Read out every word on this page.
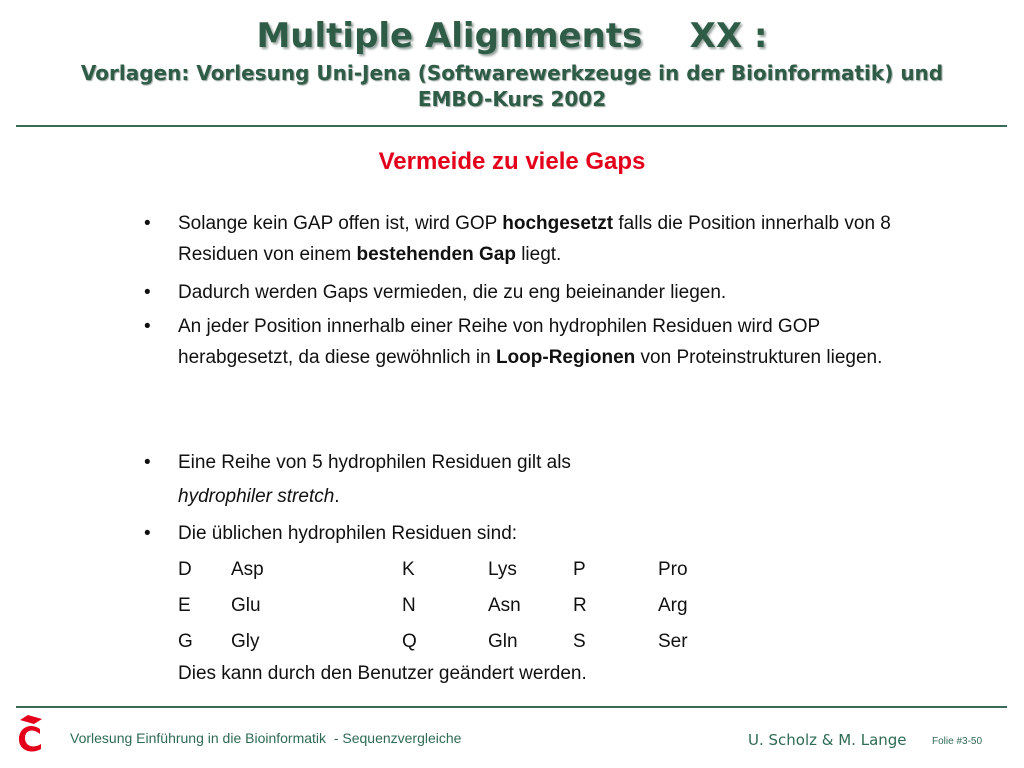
Multiple Alignments    XX :
Vorlagen: Vorlesung Uni-Jena (Softwarewerkzeuge in der Bioinformatik) und EMBO-Kurs 2002
Vermeide zu viele Gaps
• Solange kein GAP offen ist, wird GOP hochgesetzt falls die Position innerhalb von 8 Residuen von einem bestehenden Gap liegt.
• Dadurch werden Gaps vermieden, die zu eng beieinander liegen.
• An jeder Position innerhalb einer Reihe von hydrophilen Residuen wird GOP herabgesetzt, da diese gewöhnlich in Loop-Regionen von Proteinstrukturen liegen.
• Eine Reihe von 5 hydrophilen Residuen gilt als
hydrophiler stretch.
• Die üblichen hydrophilen Residuen sind:
D	Asp	K	Lys	P	Pro
E	Glu	N	Asn	R	Arg
G	Gly	Q	Gln	S	Ser
Dies kann durch den Benutzer geändert werden.
Vorlesung Einführung in die Bioinformatik  - Sequenzvergleiche	U. Scholz & M. Lange	Folie #3-50
